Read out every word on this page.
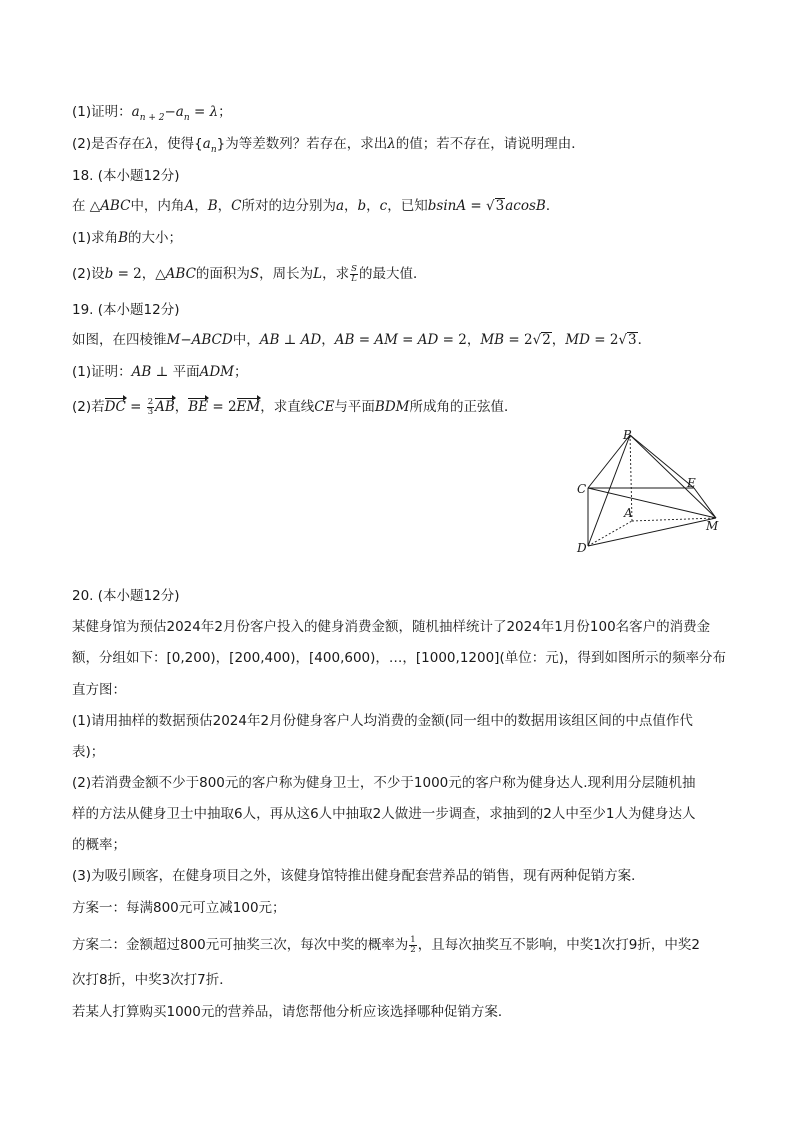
(1)证明：$a_{n + 2}-a_n = \lambda$；
(2)是否存在λ，使得$\{a_n\}$为等差数列？若存在，求出λ的值；若不存在，请说明理由．
18. (本小题12分)
在 △ABC中，内角A，B，C所对的边分别为a，b，c，已知bsinA = √3acosB．
(1)求角B的大小；
(2)设b = 2，△ABC的面积为S，周长为L，求 $\frac{S}{L}$ 的最大值．
19. (本小题12分)
如图，在四棱锥M−ABCD中，AB ⊥ AD，AB = AM = AD = 2，MB = 2√2，MD = 2√3．
(1)证明：AB ⊥ 平面ADM；
(2)若DC = $\frac{2}{3}$ AB，BE = 2EM，求直线CE与平面BDM所成角的正弦值．
B
C	E
A
M
D
20. (本小题12分)
某健身馆为预估2024年2月份客户投入的健身消费金额，随机抽样统计了2024年1月份100名客户的消费金
额，分组如下：[0,200)，[200,400)，[400,600)，…，[1000,1200](单位：元)，得到如图所示的频率分布
直方图：
(1)请用抽样的数据预估2024年2月份健身客户人均消费的金额(同一组中的数据用该组区间的中点值作代
表)；
(2)若消费金额不少于800元的客户称为健身卫士，不少于1000元的客户称为健身达人.现利用分层随机抽
样的方法从健身卫士中抽取6人，再从这6人中抽取2人做进一步调查，求抽到的2人中至少1人为健身达人
的概率；
(3)为吸引顾客，在健身项目之外，该健身馆特推出健身配套营养品的销售，现有两种促销方案．
方案一：每满800元可立减100元；
方案二：金额超过800元可抽奖三次，每次中奖的概率为 $\frac{1}{2}$ ，且每次抽奖互不影响，中奖1次打9折，中奖2
次打8折，中奖3次打7折．
若某人打算购买1000元的营养品，请您帮他分析应该选择哪种促销方案．
